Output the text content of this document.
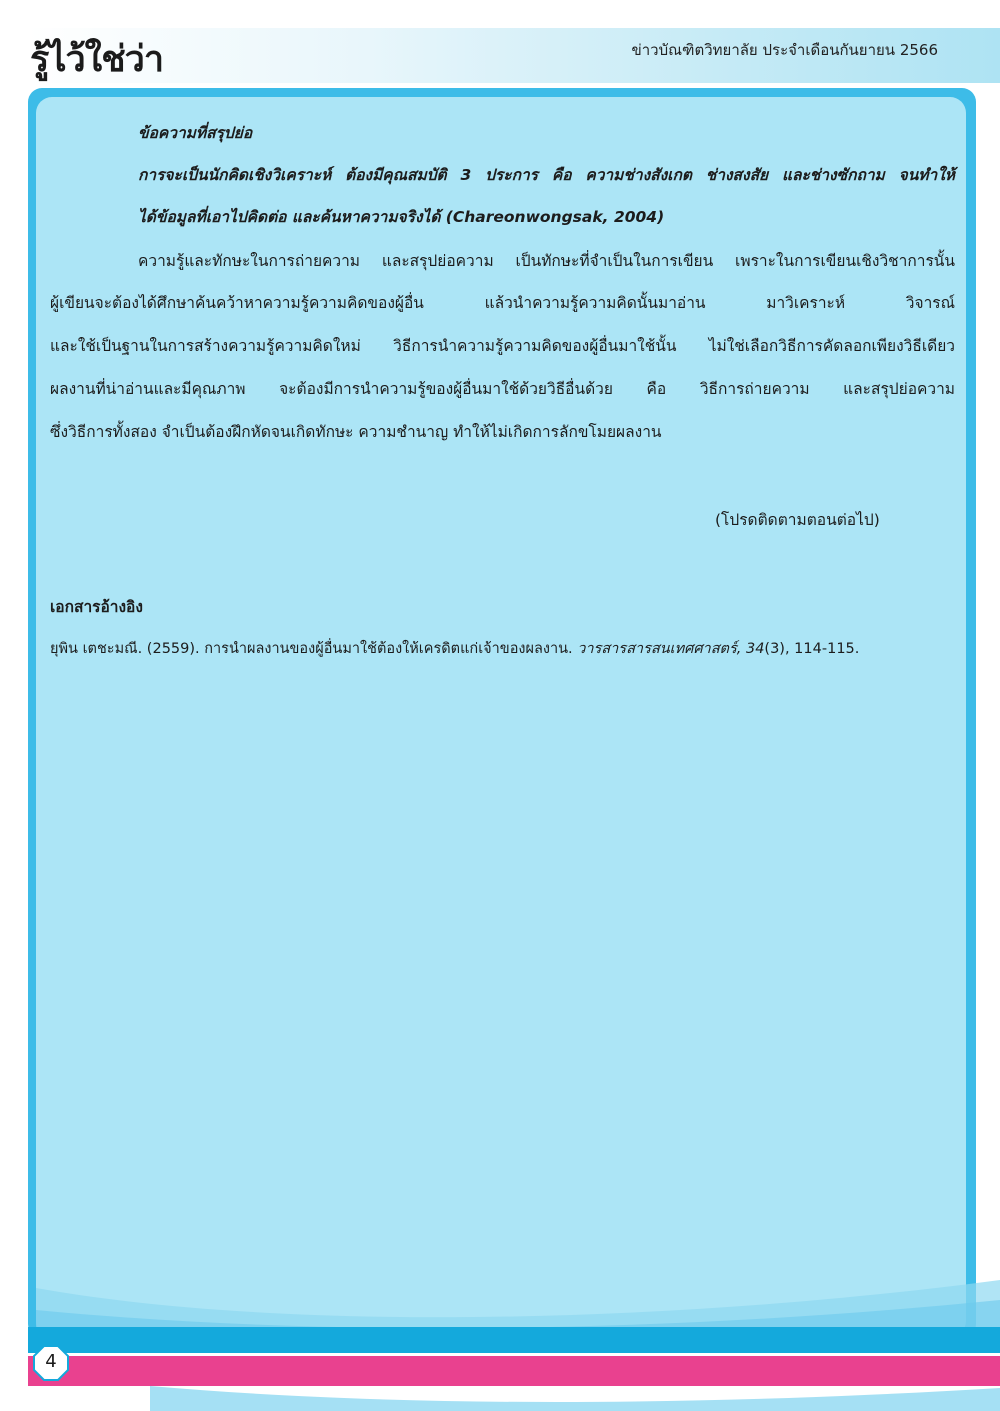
รู้ไว้ใช่ว่า	ข่าวบัณฑิตวิทยาลัย ประจำเดือนกันยายน 2566
ข้อความที่สรุปย่อ
การจะเป็นนักคิดเชิงวิเคราะห์ ต้องมีคุณสมบัติ 3 ประการ คือ ความช่างสังเกต ช่างสงสัย และช่างซักถาม จนทำให้
ได้ข้อมูลที่เอาไปคิดต่อ และค้นหาความจริงได้ (Chareonwongsak, 2004)
ความรู้และทักษะในการถ่ายความ และสรุปย่อความ เป็นทักษะที่จำเป็นในการเขียน เพราะในการเขียนเชิงวิชาการนั้น
ผู้เขียนจะต้องได้ศึกษาค้นคว้าหาความรู้ความคิดของผู้อื่น แล้วนำความรู้ความคิดนั้นมาอ่าน มาวิเคราะห์ วิจารณ์
และใช้เป็นฐานในการสร้างความรู้ความคิดใหม่ วิธีการนำความรู้ความคิดของผู้อื่นมาใช้นั้น ไม่ใช่เลือกวิธีการคัดลอกเพียงวิธีเดียว
ผลงานที่น่าอ่านและมีคุณภาพ จะต้องมีการนำความรู้ของผู้อื่นมาใช้ด้วยวิธีอื่นด้วย คือ วิธีการถ่ายความ และสรุปย่อความ
ซึ่งวิธีการทั้งสอง จำเป็นต้องฝึกหัดจนเกิดทักษะ ความชำนาญ ทำให้ไม่เกิดการลักขโมยผลงาน
(โปรดติดตามตอนต่อไป)
เอกสารอ้างอิง
ยุพิน เตชะมณี. (2559). การนำผลงานของผู้อื่นมาใช้ต้องให้เครดิตแก่เจ้าของผลงาน. วารสารสารสนเทศศาสตร์, 34(3), 114-115.
4
